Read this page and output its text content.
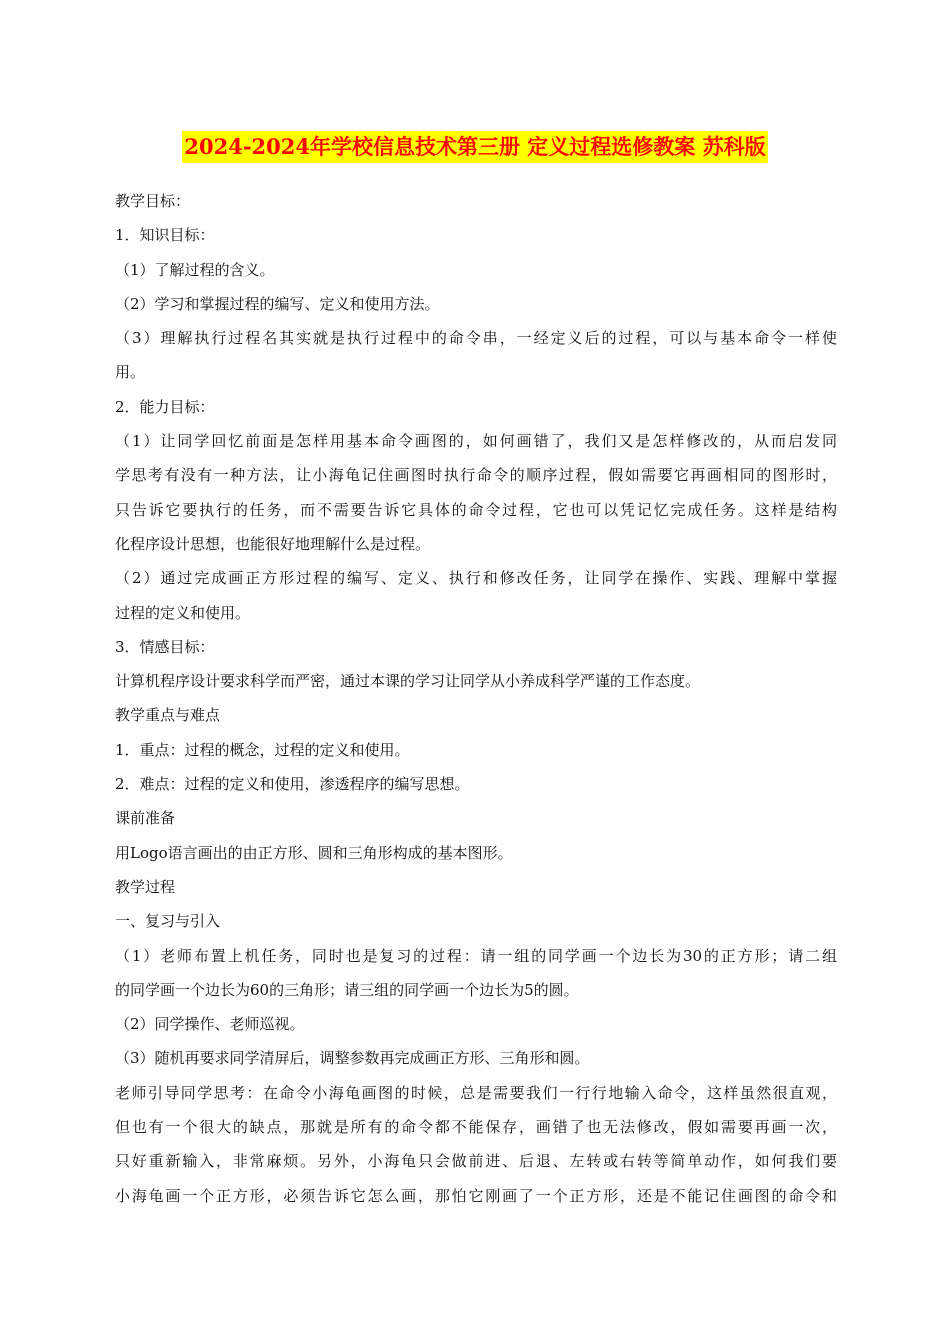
2024-2024年学校信息技术第三册 定义过程选修教案 苏科版
教学目标：
1．知识目标：
（1）了解过程的含义。
（2）学习和掌握过程的编写、定义和使用方法。
（3）理解执行过程名其实就是执行过程中的命令串，一经定义后的过程，可以与基本命令一样使
用。
2．能力目标：
（1）让同学回忆前面是怎样用基本命令画图的，如何画错了，我们又是怎样修改的，从而启发同
学思考有没有一种方法，让小海龟记住画图时执行命令的顺序过程，假如需要它再画相同的图形时，
只告诉它要执行的任务，而不需要告诉它具体的命令过程，它也可以凭记忆完成任务。这样是结构
化程序设计思想，也能很好地理解什么是过程。
（2）通过完成画正方形过程的编写、定义、执行和修改任务，让同学在操作、实践、理解中掌握
过程的定义和使用。
3．情感目标：
计算机程序设计要求科学而严密，通过本课的学习让同学从小养成科学严谨的工作态度。
教学重点与难点
1．重点：过程的概念，过程的定义和使用。
2．难点：过程的定义和使用，渗透程序的编写思想。
课前准备
用Logo语言画出的由正方形、圆和三角形构成的基本图形。
教学过程
一、复习与引入
（1）老师布置上机任务，同时也是复习的过程：请一组的同学画一个边长为30的正方形；请二组
的同学画一个边长为60的三角形；请三组的同学画一个边长为5的圆。
（2）同学操作、老师巡视。
（3）随机再要求同学清屏后，调整参数再完成画正方形、三角形和圆。
老师引导同学思考：在命令小海龟画图的时候，总是需要我们一行行地输入命令，这样虽然很直观，
但也有一个很大的缺点，那就是所有的命令都不能保存，画错了也无法修改，假如需要再画一次，
只好重新输入，非常麻烦。另外，小海龟只会做前进、后退、左转或右转等简单动作，如何我们要
小海龟画一个正方形，必须告诉它怎么画，那怕它刚画了一个正方形，还是不能记住画图的命令和
